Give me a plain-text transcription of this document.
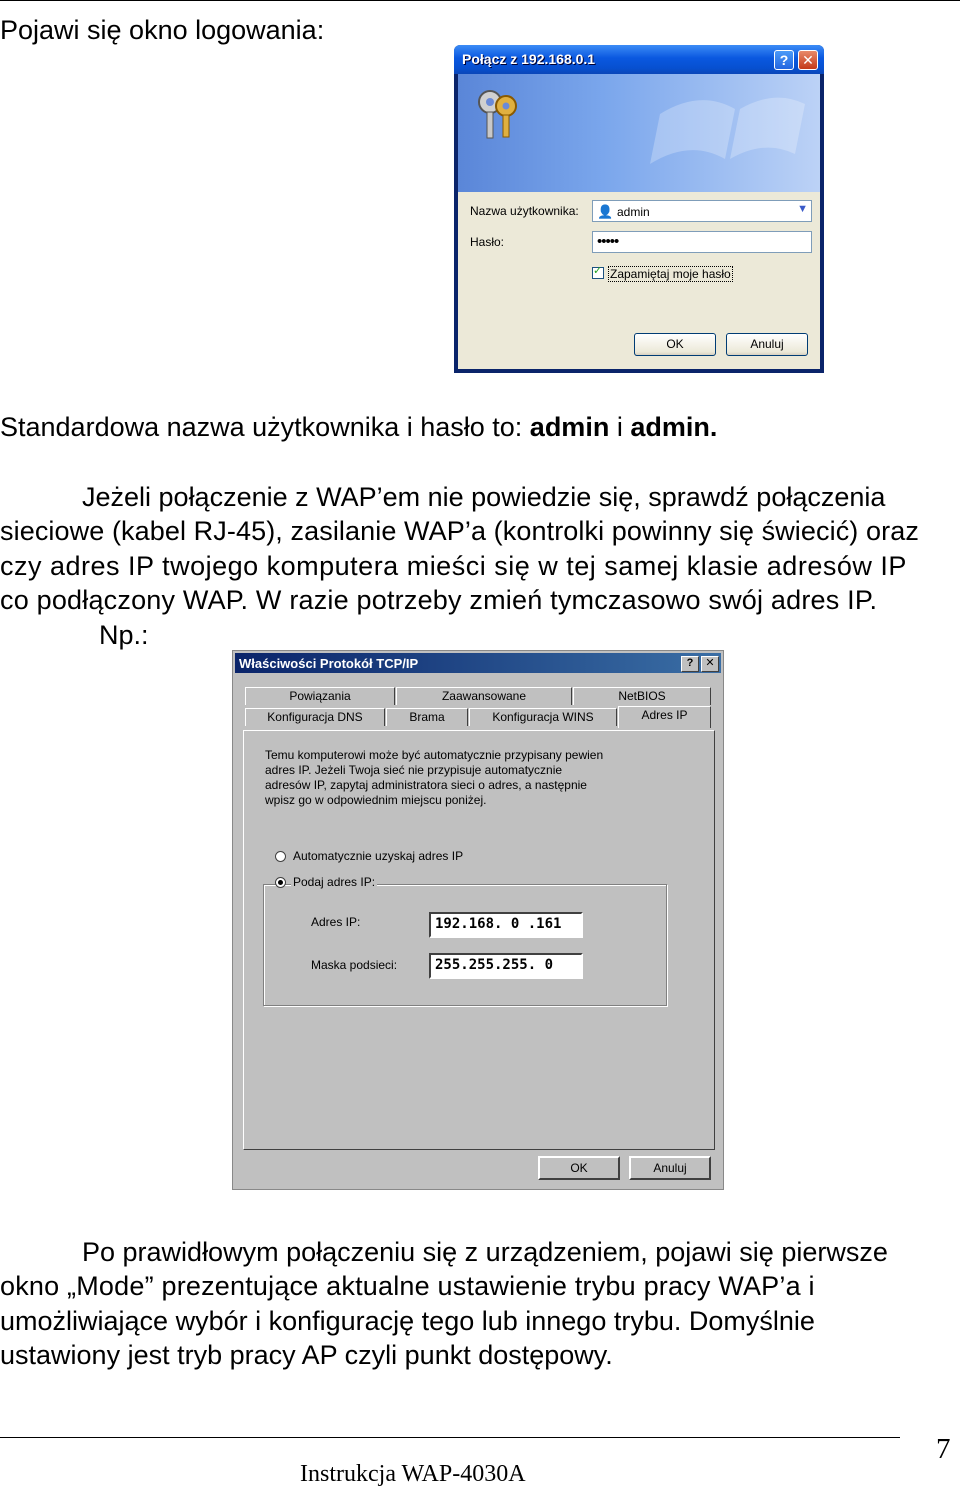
Pojawi się okno logowania:
Połącz z 192.168.0.1	? ✕
Nazwa użytkownika: 👤 admin	▼
Hasło:	•••••
✓ Zapamiętaj moje hasło
OK	Anuluj
Standardowa nazwa użytkownika i hasło to: admin i admin.
Jeżeli połączenie z WAP’em nie powiedzie się, sprawdź połączenia
sieciowe (kabel RJ-45), zasilanie WAP’a (kontrolki powinny się świecić) oraz
czy adres IP twojego komputera mieści się w tej samej klasie adresów IP
co podłączony WAP. W razie potrzeby zmień tymczasowo swój adres IP.
Np.:
Właściwości Protokół TCP/IP	?	✕
Powiązania	Zaawansowane	NetBIOS
Konfiguracja DNS	Brama	Konfiguracja WINS	Adres IP
Temu komputerowi może być automatycznie przypisany pewien
adres IP. Jeżeli Twoja sieć nie przypisuje automatycznie
adresów IP, zapytaj administratora sieci o adres, a następnie
wpisz go w odpowiednim miejscu poniżej.
Automatycznie uzyskaj adres IP
Podaj adres IP:
Adres IP:	192.168. 0 .161
Maska podsieci:	255.255.255. 0
OK	Anuluj
Po prawidłowym połączeniu się z urządzeniem, pojawi się pierwsze
okno „Mode” prezentujące aktualne ustawienie trybu pracy WAP’a i
umożliwiające wybór i konfigurację tego lub innego trybu. Domyślnie
ustawiony jest tryb pracy AP czyli punkt dostępowy.
Instrukcja WAP-4030A
7
